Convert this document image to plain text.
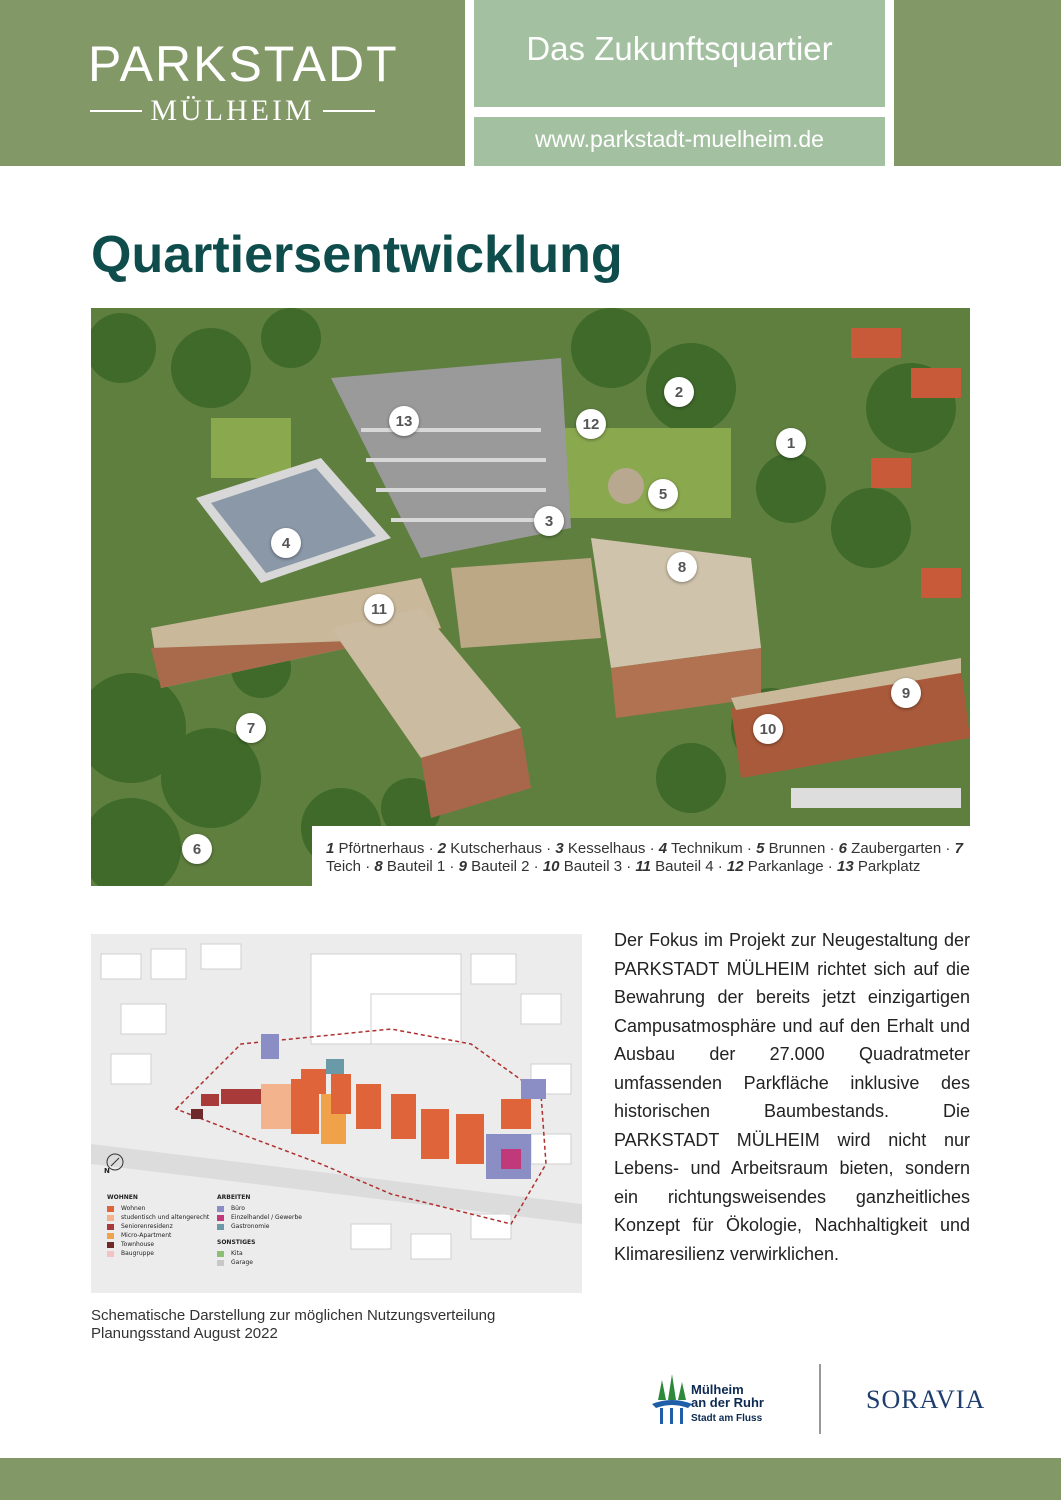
PARKSTADT
MÜLHEIM
Das Zukunftsquartier
www.parkstadt-muelheim.de
Quartiersentwicklung
13	12
2
1
5
3
4
8
11
9
7	10
6	1 Pförtnerhaus · 2 Kutscherhaus · 3 Kesselhaus · 4 Technikum · 5 Brunnen · 6 Zaubergarten · 7 Teich · 8 Bauteil 1 · 9 Bauteil 2 · 10 Bauteil 3 · 11 Bauteil 4 · 12 Parkanlage · 13 Parkplatz
N
WOHNEN
Wohnen
studentisch und altengerecht
Seniorenresidenz
Micro-Apartment
Townhouse
Baugruppe
ARBEITEN
Büro
Einzelhandel / Gewerbe
Gastronomie
SONSTIGES
Kita
Garage
Schematische Darstellung zur möglichen Nutzungsverteilung
Planungsstand August 2022

Der Fokus im Projekt zur Neugestaltung der PARKSTADT MÜLHEIM richtet sich auf die Bewahrung der bereits jetzt einzigartigen Campusatmosphäre und auf den Erhalt und Ausbau der 27.000 Quadratmeter umfassenden Parkfläche inklusive des historischen Baumbestands. Die PARKSTADT MÜLHEIM wird nicht nur Lebens- und Arbeitsraum bieten, sondern ein richtungsweisendes ganzheitliches Konzept für Ökologie, Nachhaltigkeit und Klimaresilienz verwirklichen.

Mülheim
an der Ruhr
Stadt am Fluss
SORAVIA
